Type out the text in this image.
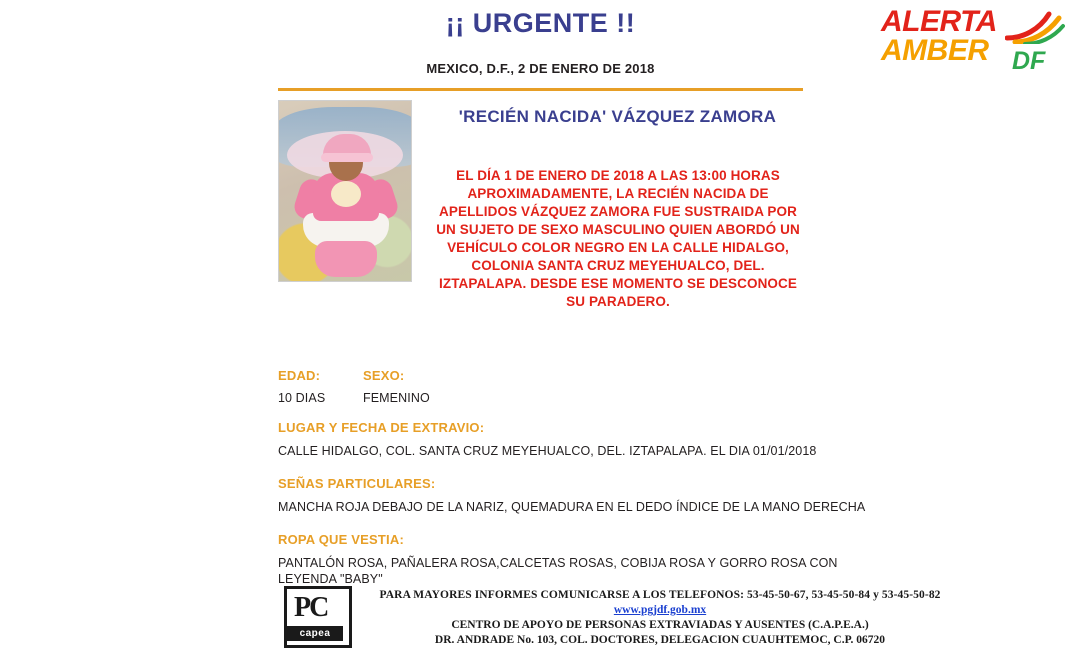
¡¡ URGENTE !!
MEXICO, D.F., 2 DE ENERO DE 2018
ALERTA
AMBER DF
'RECIÉN NACIDA' VÁZQUEZ ZAMORA
EL DÍA 1 DE ENERO DE 2018 A LAS 13:00 HORAS APROXIMADAMENTE, LA RECIÉN NACIDA DE APELLIDOS VÁZQUEZ ZAMORA FUE SUSTRAIDA POR UN SUJETO DE SEXO MASCULINO QUIEN ABORDÓ UN VEHÍCULO COLOR NEGRO EN LA CALLE HIDALGO, COLONIA SANTA CRUZ MEYEHUALCO, DEL. IZTAPALAPA. DESDE ESE MOMENTO SE DESCONOCE SU PARADERO.
EDAD:
10 DIAS
SEXO:
FEMENINO
LUGAR Y FECHA DE EXTRAVIO:
CALLE HIDALGO, COL. SANTA CRUZ MEYEHUALCO, DEL. IZTAPALAPA. EL DIA 01/01/2018
SEÑAS PARTICULARES:
MANCHA ROJA DEBAJO DE LA NARIZ, QUEMADURA EN EL DEDO ÍNDICE DE LA MANO DERECHA
ROPA QUE VESTIA:
PANTALÓN ROSA, PAÑALERA ROSA,CALCETAS ROSAS, COBIJA ROSA Y GORRO ROSA CON LEYENDA "BABY"
PC
capea
PARA MAYORES INFORMES COMUNICARSE A LOS TELEFONOS: 53-45-50-67, 53-45-50-84 y 53-45-50-82
www.pgjdf.gob.mx
CENTRO DE APOYO DE PERSONAS EXTRAVIADAS Y AUSENTES (C.A.P.E.A.)
DR. ANDRADE No. 103, COL. DOCTORES, DELEGACION CUAUHTEMOC, C.P. 06720
